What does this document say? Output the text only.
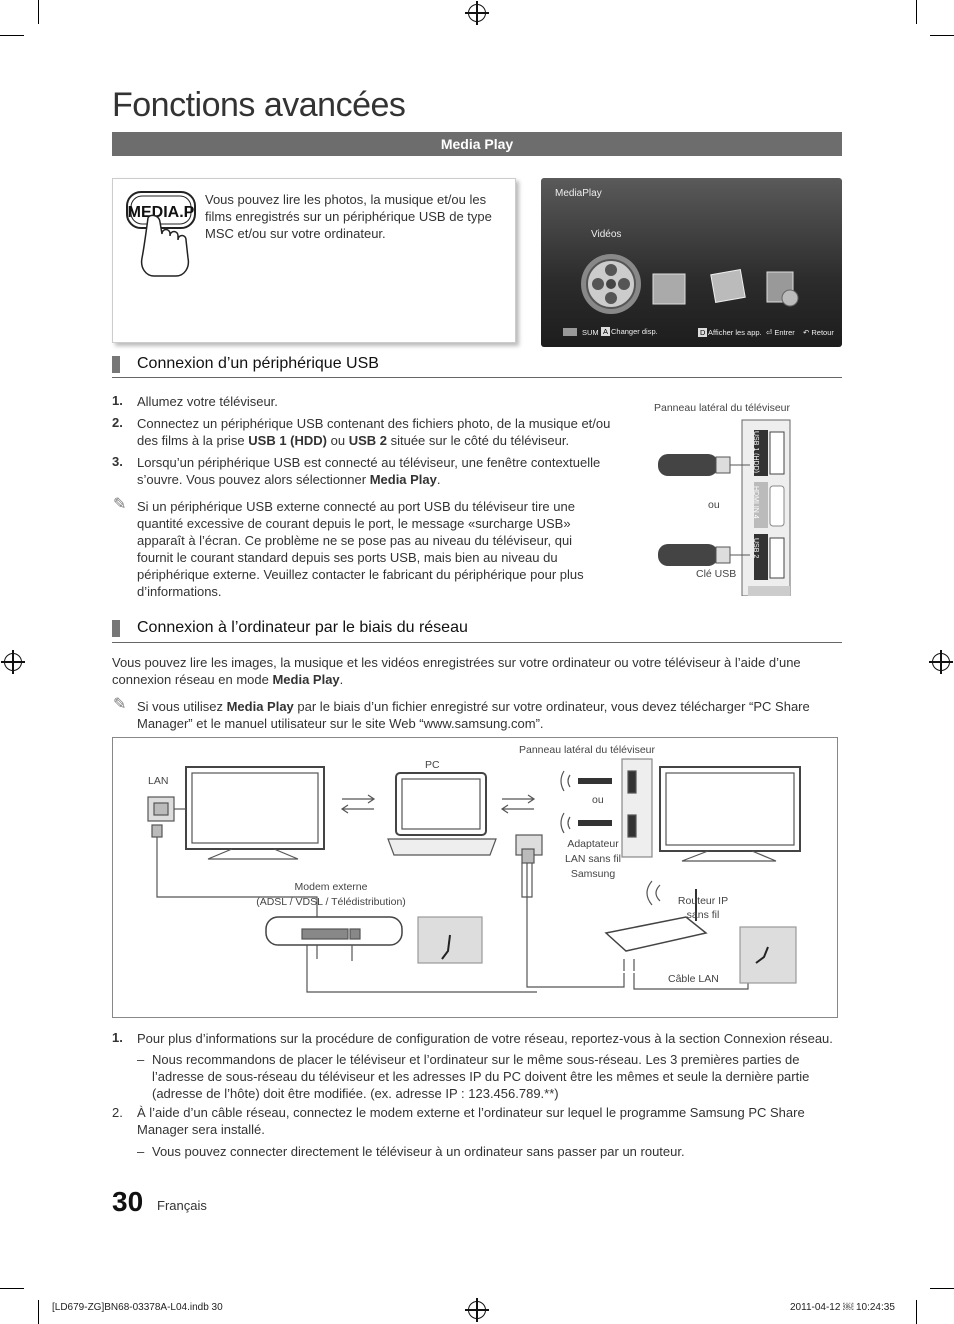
Fonctions avancées
Media Play
MEDIA.P
Vous pouvez lire les photos, la musique et/ou les films enregistrés sur un périphérique USB de type MSC et/ou sur votre ordinateur.
MediaPlay
Vidéos
SUM A Changer disp.	D Afficher les app. ⏎ Entrer ↶ Retour
Connexion d’un périphérique USB
1. Allumez votre téléviseur.
2. Connectez un périphérique USB contenant des fichiers photo, de la musique et/ou des films à la prise USB 1 (HDD) ou USB 2 située sur le côté du téléviseur.
3. Lorsqu’un périphérique USB est connecté au téléviseur, une fenêtre contextuelle s’ouvre. Vous pouvez alors sélectionner Media Play.
✎ Si un périphérique USB externe connecté au port USB du téléviseur tire une quantité excessive de courant depuis le port, le message «surcharge USB» apparaît à l’écran. Ce problème ne se pose pas au niveau du téléviseur, qui fournit le courant standard depuis ses ports USB, mais bien au niveau du périphérique externe. Veuillez contacter le fabricant du périphérique pour plus d’informations.
Panneau latéral du téléviseur
USB 1 (HDD)
HDMI IN 4
USB 2
ou
Clé USB
Connexion à l’ordinateur par le biais du réseau
Vous pouvez lire les images, la musique et les vidéos enregistrées sur votre ordinateur ou votre téléviseur à l’aide d’une connexion réseau en mode Media Play.
✎ Si vous utilisez Media Play par le biais d’un fichier enregistré sur votre ordinateur, vous devez télécharger “PC Share Manager” et le manuel utilisateur sur le site Web “www.samsung.com”.
LAN
PC
Panneau latéral du téléviseur
ou
Adaptateur
LAN sans fil
Samsung
Modem externe
(ADSL / VDSL / Télédistribution)	Routeur IP
sans fil
Câble LAN
1. Pour plus d’informations sur la procédure de configuration de votre réseau, reportez-vous à la section Connexion réseau.
– Nous recommandons de placer le téléviseur et l’ordinateur sur le même sous-réseau. Les 3 premières parties de l’adresse de sous-réseau du téléviseur et les adresses IP du PC doivent être les mêmes et seule la dernière partie (adresse de l’hôte) doit être modifiée. (ex. adresse IP : 123.456.789.**)
2. À l’aide d’un câble réseau, connectez le modem externe et l’ordinateur sur lequel le programme Samsung PC Share Manager sera installé.
– Vous pouvez connecter directement le téléviseur à un ordinateur sans passer par un routeur.
30 Français
[LD679-ZG]BN68-03378A-L04.indb 30	2011-04-12 ￼ 10:24:35
